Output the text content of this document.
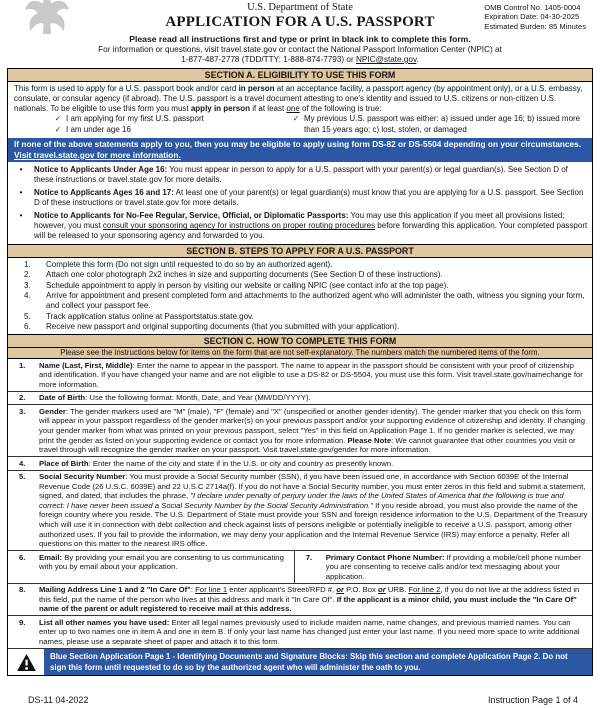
U.S. Department of State
APPLICATION FOR A U.S. PASSPORT
OMB Control No. 1405-0004
Expiration Date: 04-30-2025
Estimated Burden: 85 Minutes
Please read all instructions first and type or print in black ink to complete this form.
For information or questions, visit travel.state.gov or contact the National Passport Information Center (NPIC) at
1-877-487-2778 (TDD/TTY: 1-888-874-7793) or NPIC@state.gov.
SECTION A. ELIGIBILITY TO USE THIS FORM
This form is used to apply for a U.S. passport book and/or card in person at an acceptance facility, a passport agency (by appointment only), or a U.S. embassy, consulate, or consular agency (if abroad). The U.S. passport is a travel document attesting to one's identity and issued to U.S. citizens or non-citizen U.S. nationals. To be eligible to use this form you must apply in person if at least one of the following is true:
✓ I am applying for my first U.S. passport
✓ I am under age 16
✓ My previous U.S. passport was either: a) issued under age 16; b) issued more than 15 years ago; c) lost, stolen, or damaged
If none of the above statements apply to you, then you may be eligible to apply using form DS-82 or DS-5504 depending on your circumstances. Visit travel.state.gov for more information.
•	Notice to Applicants Under Age 16: You must appear in person to apply for a U.S. passport with your parent(s) or legal guardian(s). See Section D of these instructions or travel.state.gov for more details.
•	Notice to Applicants Ages 16 and 17: At least one of your parent(s) or legal guardian(s) must know that you are applying for a U.S. passport. See Section D of these instructions or travel.state.gov for more details.
•	Notice to Applicants for No-Fee Regular, Service, Official, or Diplomatic Passports: You may use this application if you meet all provisions listed; however, you must consult your sponsoring agency for instructions on proper routing procedures before forwarding this application. Your completed passport will be released to your sponsoring agency and forwarded to you.
SECTION B. STEPS TO APPLY FOR A U.S. PASSPORT
1.	Complete this form (Do not sign until requested to do so by an authorized agent).
2.	Attach one color photograph 2x2 inches in size and supporting documents (See Section D of these instructions).
3.	Schedule appointment to apply in person by visiting our website or calling NPIC (see contact info at the top page).
4.	Arrive for appointment and present completed form and attachments to the authorized agent who will administer the oath, witness you signing your form, and collect your passport fee.
5.	Track application status online at Passportstatus.state.gov.
6.	Receive new passport and original supporting documents (that you submitted with your application).
SECTION C. HOW TO COMPLETE THIS FORM
Please see the instructions below for items on the form that are not self-explanatory. The numbers match the numbered items of the form.
1.	Name (Last, First, Middle): Enter the name to appear in the passport. The name to appear in the passport should be consistent with your proof of citizenship and identification. If you have changed your name and are not eligible to use a DS-82 or DS-5504, you must use this form. Visit travel.state.gov/namechange for more information.
2.	Date of Birth: Use the following format: Month, Date, and Year (MM/DD/YYYY).
3.	Gender: The gender markers used are "M" (male), "F" (female) and "X" (unspecified or another gender identity). The gender marker that you check on this form will appear in your passport regardless of the gender marker(s) on your previous passport and/or your supporting evidence of citizenship and identity. If changing your gender marker from what was printed on your previous passport, select "Yes" in this field on Application Page 1. If no gender marker is selected, we may print the gender as listed on your supporting evidence or contact you for more information. Please Note: We cannot guarantee that other countries you visit or travel through will recognize the gender marker on your passport. Visit travel.state.gov/gender for more information.
4.	Place of Birth: Enter the name of the city and state if in the U.S. or city and country as presently known.
5.	Social Security Number: You must provide a Social Security number (SSN), if you have been issued one, in accordance with Section 6039E of the Internal Revenue Code (26 U.S.C. 6039E) and 22 U.S.C 2714a(f). If you do not have a Social Security number, you must enter zeros in this field and submit a statement, signed, and dated, that includes the phrase, "I declare under penalty of perjury under the laws of the United States of America that the following is true and correct: I have never been issued a Social Security Number by the Social Security Administration." If you reside abroad, you must also provide the name of the foreign country where you reside. The U.S. Department of State must provide your SSN and foreign residence information to the U.S. Department of the Treasury which will use it in connection with debt collection and check against lists of persons ineligible or potentially ineligible to receive a U.S. passport, among other authorized uses. If you fail to provide the information, we may deny your application and the Internal Revenue Service (IRS) may enforce a penalty. Refer all questions on this matter to the nearest IRS office.
6.	Email: By providing your email you are consenting to us communicating with you by email about your application.
7.	Primary Contact Phone Number: If providing a mobile/cell phone number you are consenting to receive calls and/or text messaging about your application.
8.	Mailing Address Line 1 and 2 "In Care Of": For line 1 enter applicant's Street/RFD #, or P.O. Box or URB. For line 2, if you do not live at the address listed in this field, put the name of the person who lives at this address and mark it "In Care Of". If the applicant is a minor child, you must include the "In Care Of" name of the parent or adult registered to receive mail at this address.
9.	List all other names you have used: Enter all legal names previously used to include maiden name, name changes, and previous married names. You can enter up to two names one in item A and one in item B. If only your last name has changed just enter your last name. If you need more space to write additional names, please use a separate sheet of paper and attach it to this form.
Blue Section Application Page 1 - Identifying Documents and Signature Blocks: Skip this section and complete Application Page 2. Do not sign this form until requested to do so by the authorized agent who will administer the oath to you.
DS-11 04-2022	Instruction Page 1 of 4
